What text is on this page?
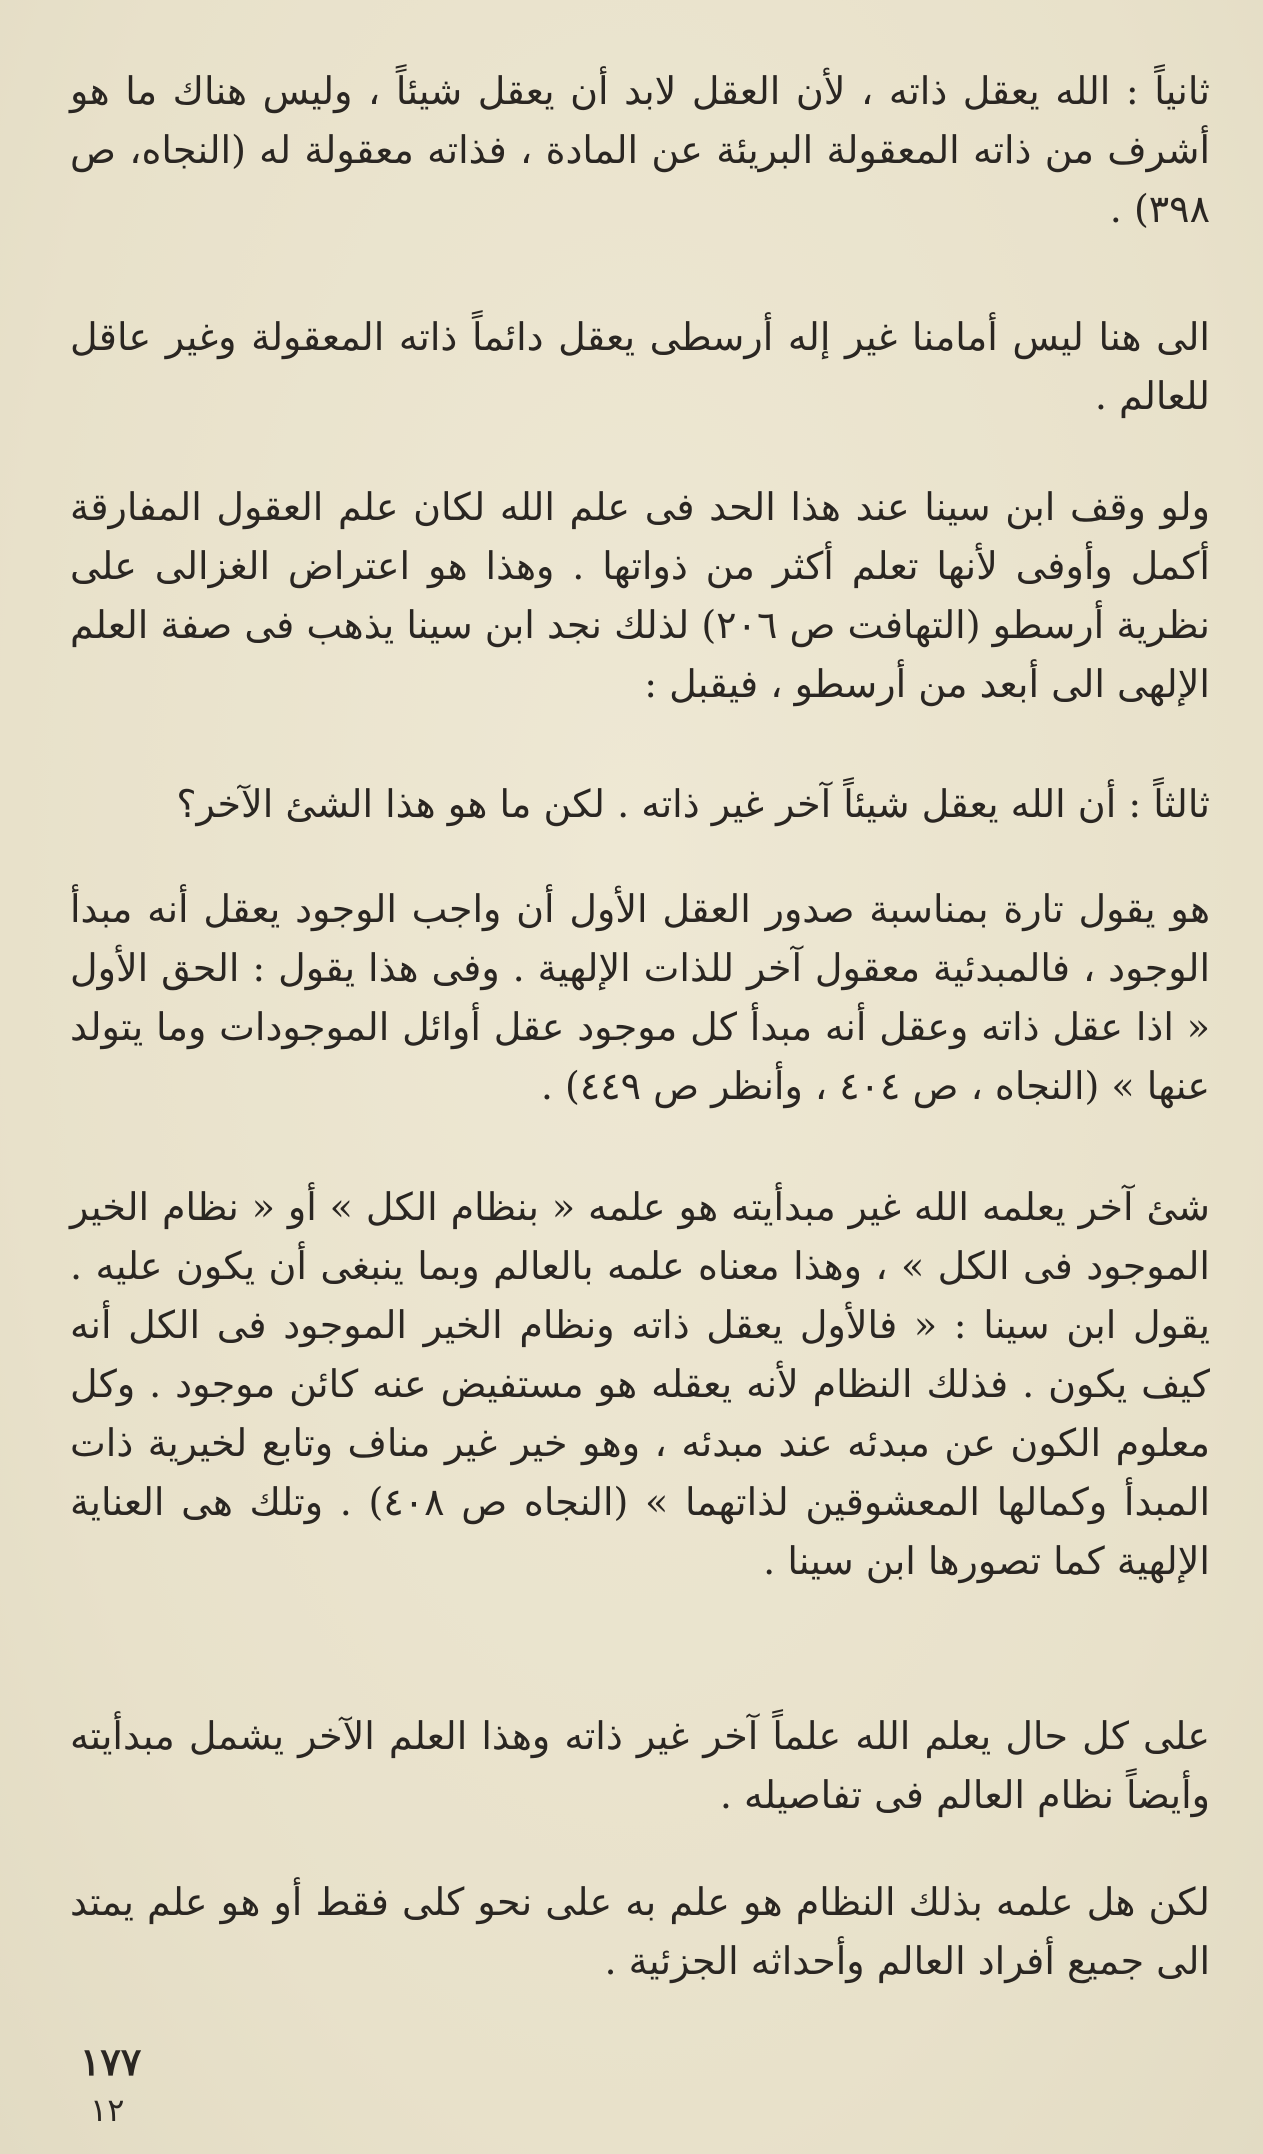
ثانياً : الله يعقل ذاته ، لأن العقل لابد أن يعقل شيئاً ، وليس هناك ما هو أشرف من ذاته المعقولة البريئة عن المادة ، فذاته معقولة له (النجاه، ص ٣٩٨) .

الى هنا ليس أمامنا غير إله أرسطى يعقل دائماً ذاته المعقولة وغير عاقل للعالم .

ولو وقف ابن سينا عند هذا الحد فى علم الله لكان علم العقول المفارقة أكمل وأوفى لأنها تعلم أكثر من ذواتها . وهذا هو اعتراض الغزالى على نظرية أرسطو (التهافت ص ٢٠٦) لذلك نجد ابن سينا يذهب فى صفة العلم الإلهى الى أبعد من أرسطو ، فيقبل :

ثالثاً : أن الله يعقل شيئاً آخر غير ذاته . لكن ما هو هذا الشئ الآخر؟

هو يقول تارة بمناسبة صدور العقل الأول أن واجب الوجود يعقل أنه مبدأ الوجود ، فالمبدئية معقول آخر للذات الإلهية . وفى هذا يقول : الحق الأول « اذا عقل ذاته وعقل أنه مبدأ كل موجود عقل أوائل الموجودات وما يتولد عنها » (النجاه ، ص ٤٠٤ ، وأنظر ص ٤٤٩) .

شئ آخر يعلمه الله غير مبدأيته هو علمه « بنظام الكل » أو « نظام الخير الموجود فى الكل » ، وهذا معناه علمه بالعالم وبما ينبغى أن يكون عليه . يقول ابن سينا : « فالأول يعقل ذاته ونظام الخير الموجود فى الكل أنه كيف يكون . فذلك النظام لأنه يعقله هو مستفيض عنه كائن موجود . وكل معلوم الكون عن مبدئه عند مبدئه ، وهو خير غير مناف وتابع لخيرية ذات المبدأ وكمالها المعشوقين لذاتهما » (النجاه ص ٤٠٨) . وتلك هى العناية الإلهية كما تصورها ابن سينا .

على كل حال يعلم الله علماً آخر غير ذاته وهذا العلم الآخر يشمل مبدأيته وأيضاً نظام العالم فى تفاصيله .

لكن هل علمه بذلك النظام هو علم به على نحو كلى فقط أو هو علم يمتد الى جميع أفراد العالم وأحداثه الجزئية .

١٧٧
١٢
